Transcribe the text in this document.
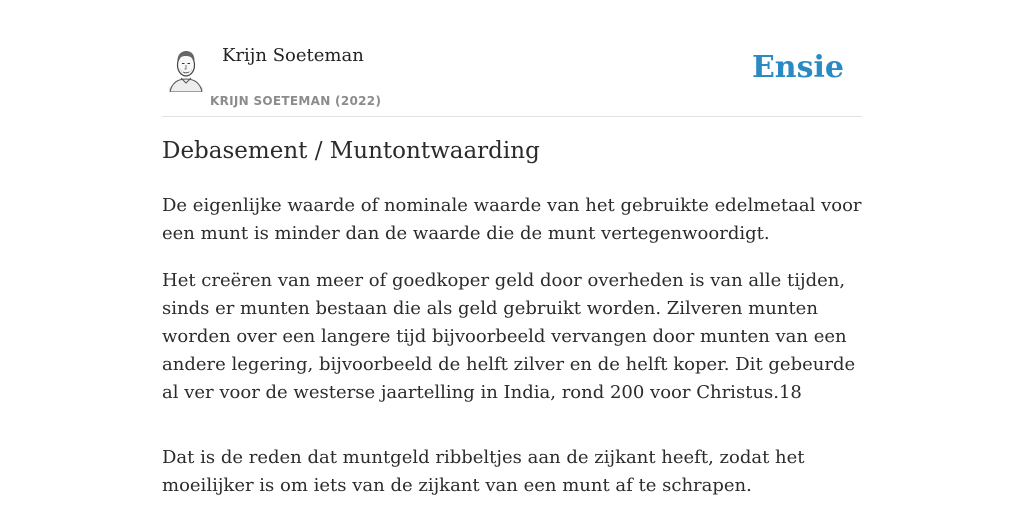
Krijn Soeteman
KRIJN SOETEMAN (2022)
Ensie
Debasement / Muntontwaarding

De eigenlijke waarde of nominale waarde van het gebruikte edelmetaal voor een munt is minder dan de waarde die de munt vertegenwoordigt.

Het creëren van meer of goedkoper geld door overheden is van alle tijden, sinds er munten bestaan die als geld gebruikt worden. Zilveren munten worden over een langere tijd bijvoorbeeld vervangen door munten van een andere legering, bijvoorbeeld de helft zilver en de helft koper. Dit gebeurde al ver voor de westerse jaartelling in India, rond 200 voor Christus.18

Dat is de reden dat muntgeld ribbeltjes aan de zijkant heeft, zodat het moeilijker is om iets van de zijkant van een munt af te schrapen.
